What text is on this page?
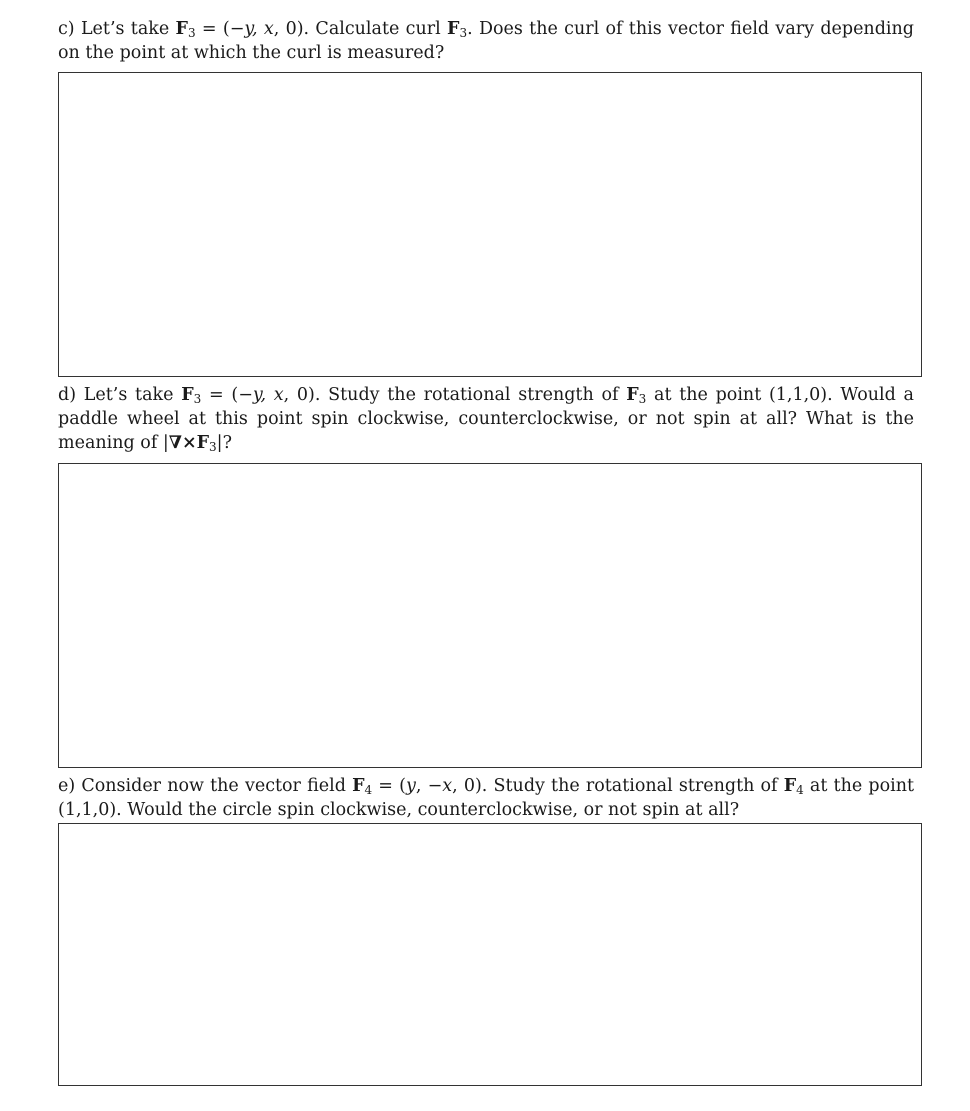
c) Let’s take $F_3 = (-y$, x, 0). Calculate curl $F_3$. Does the curl of this vector field vary depending on the point at which the curl is measured?
d) Let’s take $F_3 = (-y$, x, 0). Study the rotational strength of $F_3$ at the point (1,1,0). Would a paddle wheel at this point spin clockwise, counterclockwise, or not spin at all? What is the meaning of $|\nabla\times F_3|$?
e) Consider now the vector field $F_4 = (y$, −x, 0). Study the rotational strength of $F_4$ at the point (1,1,0). Would the circle spin clockwise, counterclockwise, or not spin at all?
